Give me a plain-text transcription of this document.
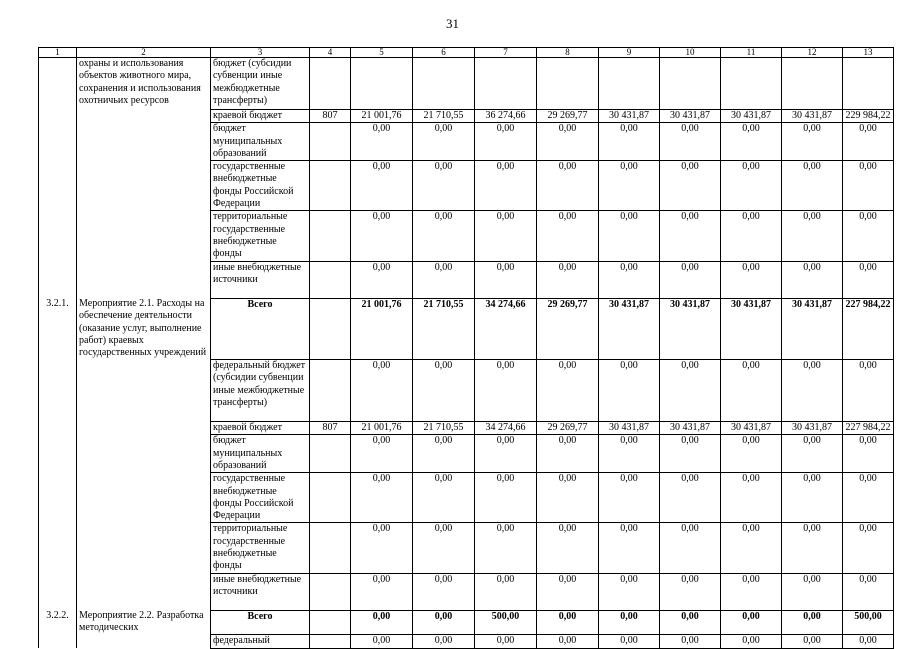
31
1	2	3	4	5	6	7	8	9	10	11	12	13
	охраны и использования объектов животного мира, сохранения и использования охотничьих ресурсов	бюджет (субсидии субвенции иные межбюджетные трансферты)										
		краевой бюджет	807	21 001,76	21 710,55	36 274,66	29 269,77	30 431,87	30 431,87	30 431,87	30 431,87	229 984,22
		бюджет муниципальных образований		0,00	0,00	0,00	0,00	0,00	0,00	0,00	0,00	0,00
		государственные внебюджетные фонды Российской Федерации		0,00	0,00	0,00	0,00	0,00	0,00	0,00	0,00	0,00
		территориальные государственные внебюджетные фонды		0,00	0,00	0,00	0,00	0,00	0,00	0,00	0,00	0,00
		иные внебюджетные источники		0,00	0,00	0,00	0,00	0,00	0,00	0,00	0,00	0,00
3.2.1.	Мероприятие 2.1. Расходы на обеспечение деятельности (оказание услуг, выполнение работ) краевых государственных учреждений	Всего		21 001,76	21 710,55	34 274,66	29 269,77	30 431,87	30 431,87	30 431,87	30 431,87	227 984,22
		федеральный бюджет (субсидии субвенции иные межбюджетные трансферты)		0,00	0,00	0,00	0,00	0,00	0,00	0,00	0,00	0,00
		краевой бюджет	807	21 001,76	21 710,55	34 274,66	29 269,77	30 431,87	30 431,87	30 431,87	30 431,87	227 984,22
		бюджет муниципальных образований		0,00	0,00	0,00	0,00	0,00	0,00	0,00	0,00	0,00
		государственные внебюджетные фонды Российской Федерации		0,00	0,00	0,00	0,00	0,00	0,00	0,00	0,00	0,00
		территориальные государственные внебюджетные фонды		0,00	0,00	0,00	0,00	0,00	0,00	0,00	0,00	0,00
		иные внебюджетные источники		0,00	0,00	0,00	0,00	0,00	0,00	0,00	0,00	0,00
3.2.2.	Мероприятие 2.2. Разработка методических	Всего		0,00	0,00	500,00	0,00	0,00	0,00	0,00	0,00	500,00
		федеральный		0,00	0,00	0,00	0,00	0,00	0,00	0,00	0,00	0,00
